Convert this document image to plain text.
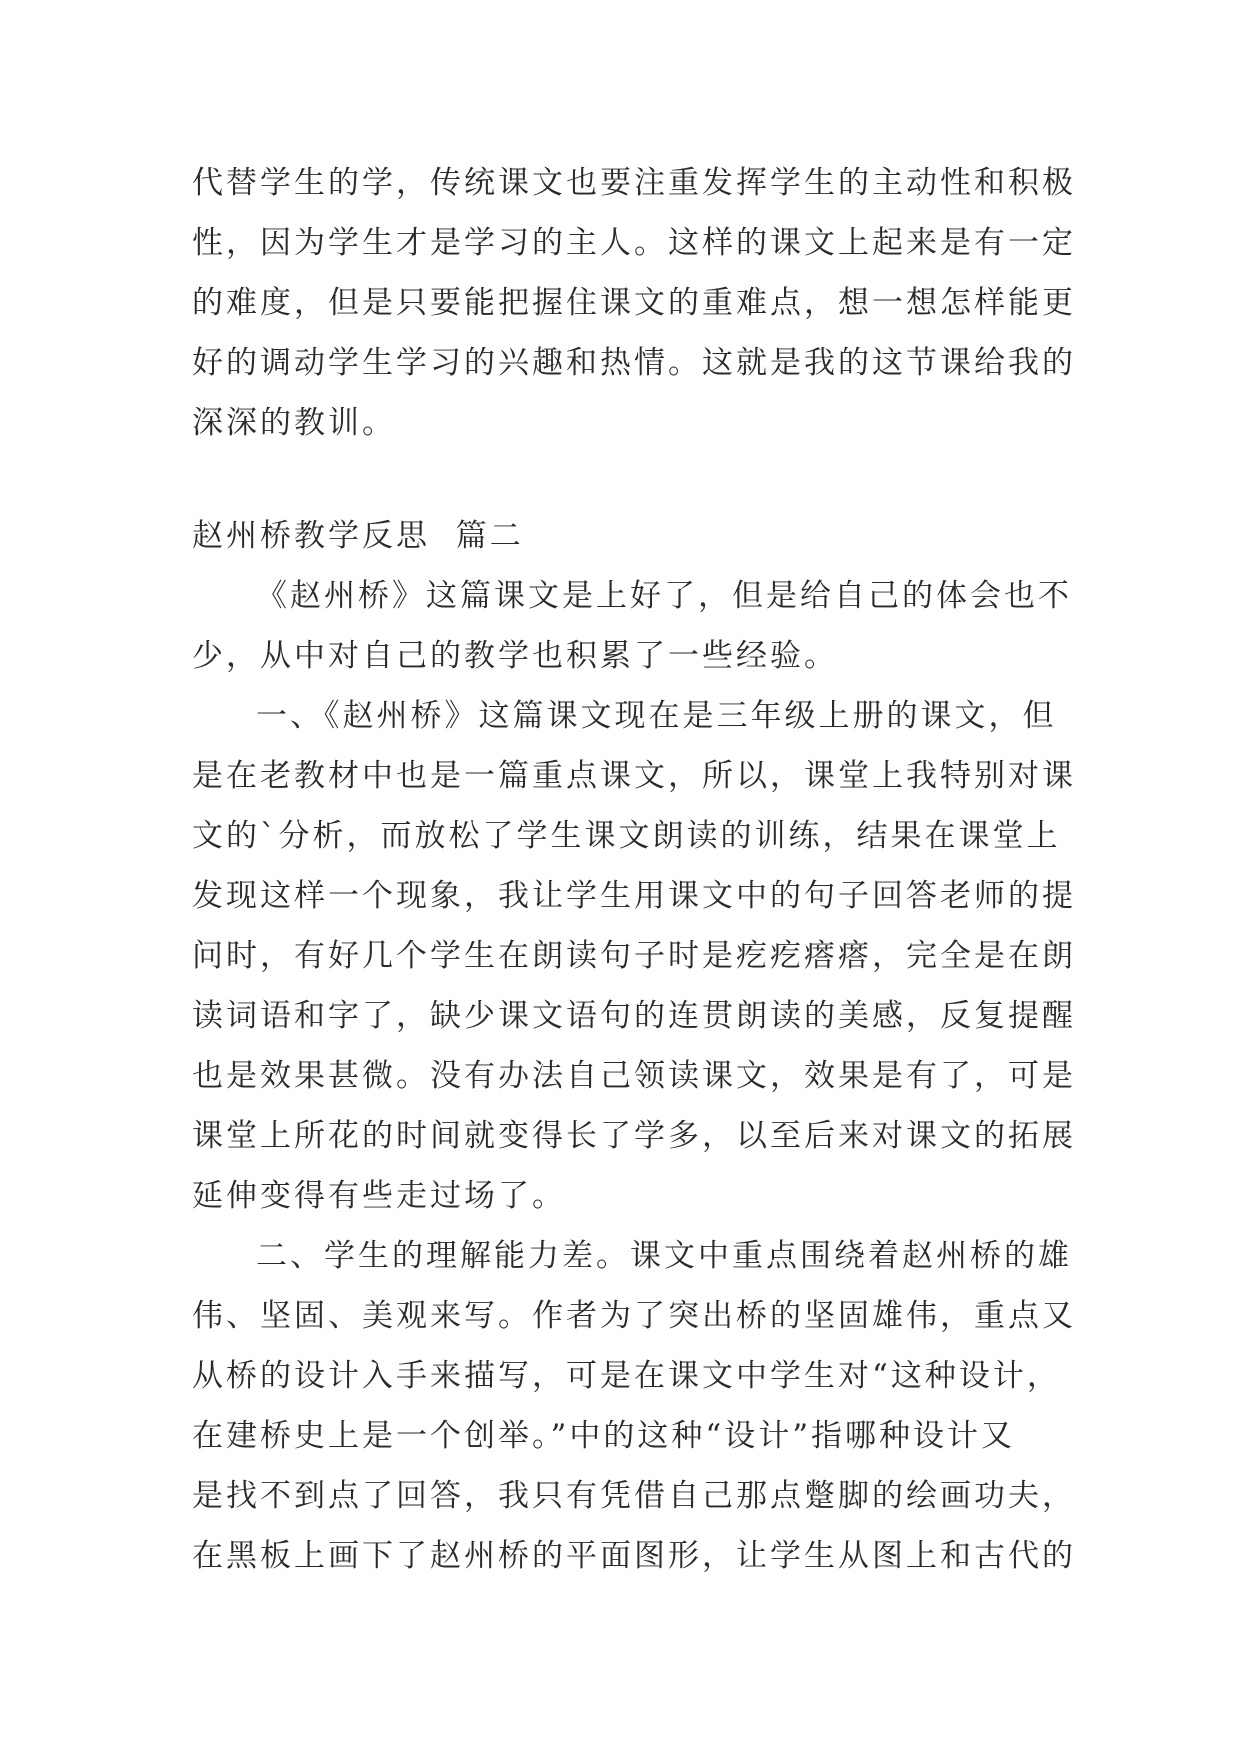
代替学生的学，传统课文也要注重发挥学生的主动性和积极
性，因为学生才是学习的主人。这样的课文上起来是有一定
的难度，但是只要能把握住课文的重难点，想一想怎样能更
好的调动学生学习的兴趣和热情。这就是我的这节课给我的
深深的教训。
赵州桥教学反思  篇二
《赵州桥》这篇课文是上好了，但是给自己的体会也不
少，从中对自己的教学也积累了一些经验。
一、《赵州桥》这篇课文现在是三年级上册的课文，但
是在老教材中也是一篇重点课文，所以，课堂上我特别对课
文的`分析，而放松了学生课文朗读的训练，结果在课堂上
发现这样一个现象，我让学生用课文中的句子回答老师的提
问时，有好几个学生在朗读句子时是疙疙瘩瘩，完全是在朗
读词语和字了，缺少课文语句的连贯朗读的美感，反复提醒
也是效果甚微。没有办法自己领读课文，效果是有了，可是
课堂上所花的时间就变得长了学多，以至后来对课文的拓展
延伸变得有些走过场了。
二、学生的理解能力差。课文中重点围绕着赵州桥的雄
伟、坚固、美观来写。作者为了突出桥的坚固雄伟，重点又
从桥的设计入手来描写，可是在课文中学生对“这种设计，
在建桥史上是一个创举。”中的这种“设计”指哪种设计又
是找不到点了回答，我只有凭借自己那点蹩脚的绘画功夫，
在黑板上画下了赵州桥的平面图形，让学生从图上和古代的
